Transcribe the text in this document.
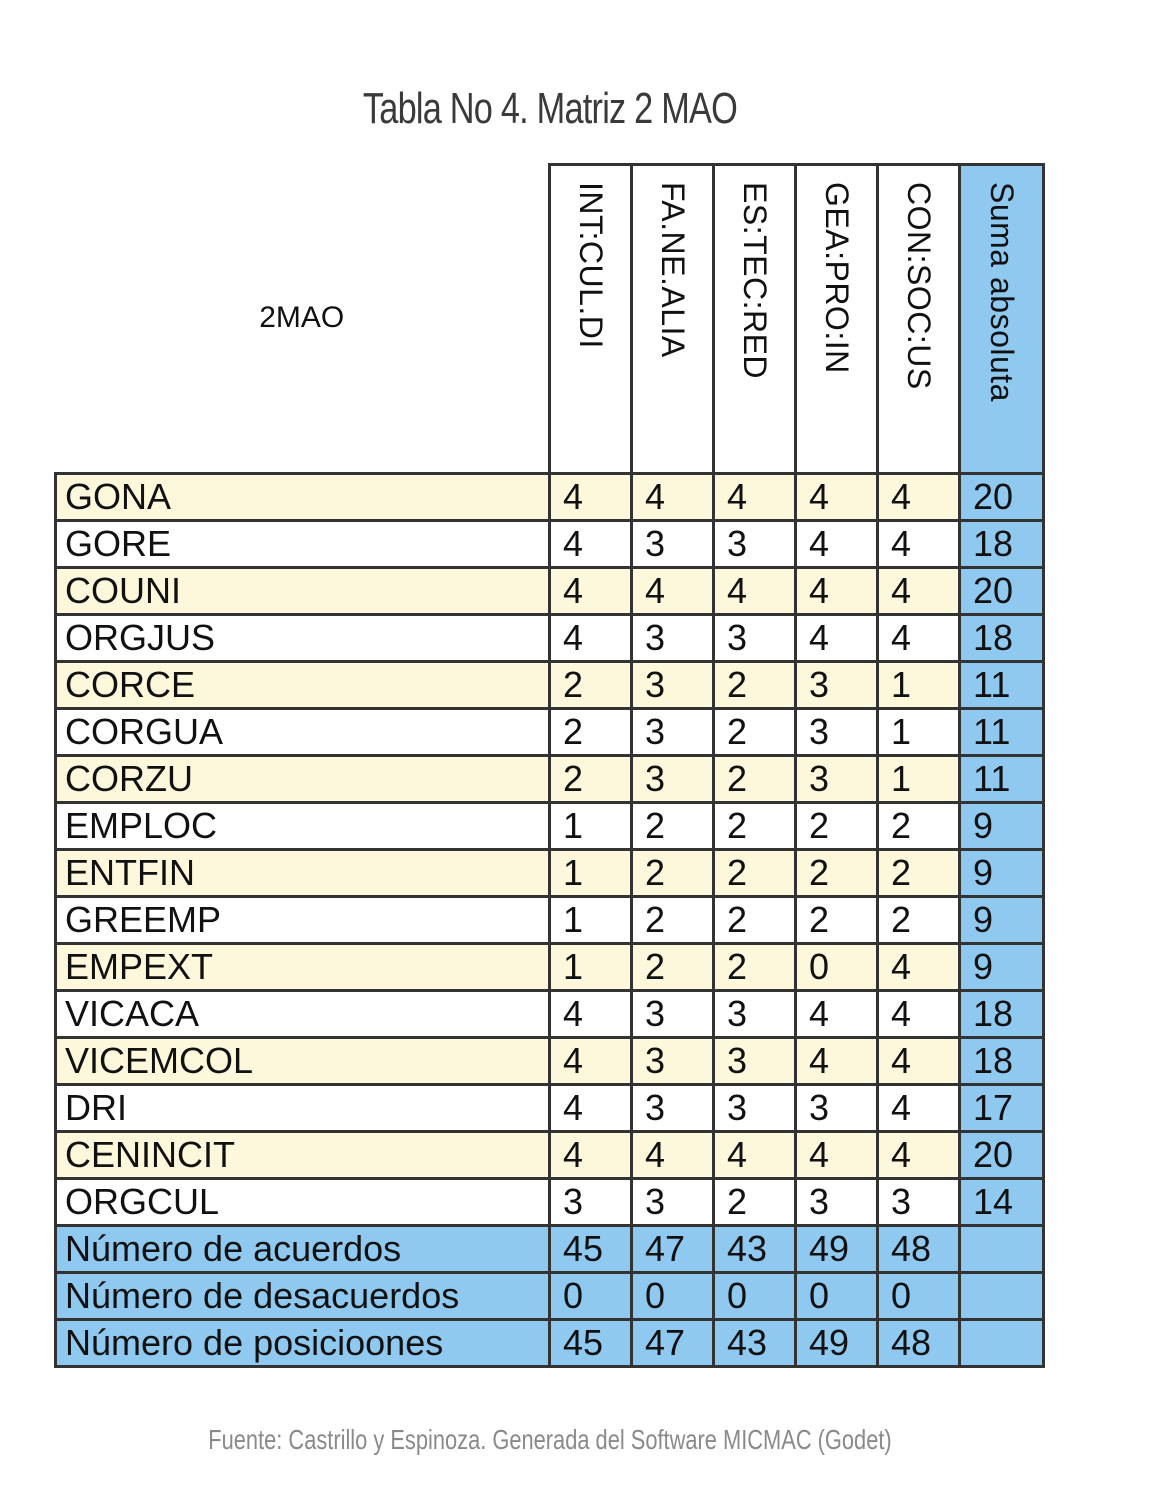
Tabla No 4. Matriz 2 MAO
2MAO	INT:CUL.DI	FA.NE.ALIA	ES:TEC:RED	GEA:PRO:IN	CON:SOC:US	Suma absoluta

GONA	4	4	4	4	4	20
GORE	4	3	3	4	4	18
COUNI	4	4	4	4	4	20
ORGJUS	4	3	3	4	4	18
CORCE	2	3	2	3	1	11
CORGUA	2	3	2	3	1	11
CORZU	2	3	2	3	1	11
EMPLOC	1	2	2	2	2	9
ENTFIN	1	2	2	2	2	9
GREEMP	1	2	2	2	2	9
EMPEXT	1	2	2	0	4	9
VICACA	4	3	3	4	4	18
VICEMCOL	4	3	3	4	4	18
DRI	4	3	3	3	4	17
CENINCIT	4	4	4	4	4	20
ORGCUL	3	3	2	3	3	14
Número de acuerdos	45	47	43	49	48	
Número de desacuerdos	0	0	0	0	0	
Número de posicioones	45	47	43	49	48	
Fuente: Castrillo y Espinoza. Generada del Software MICMAC (Godet)
